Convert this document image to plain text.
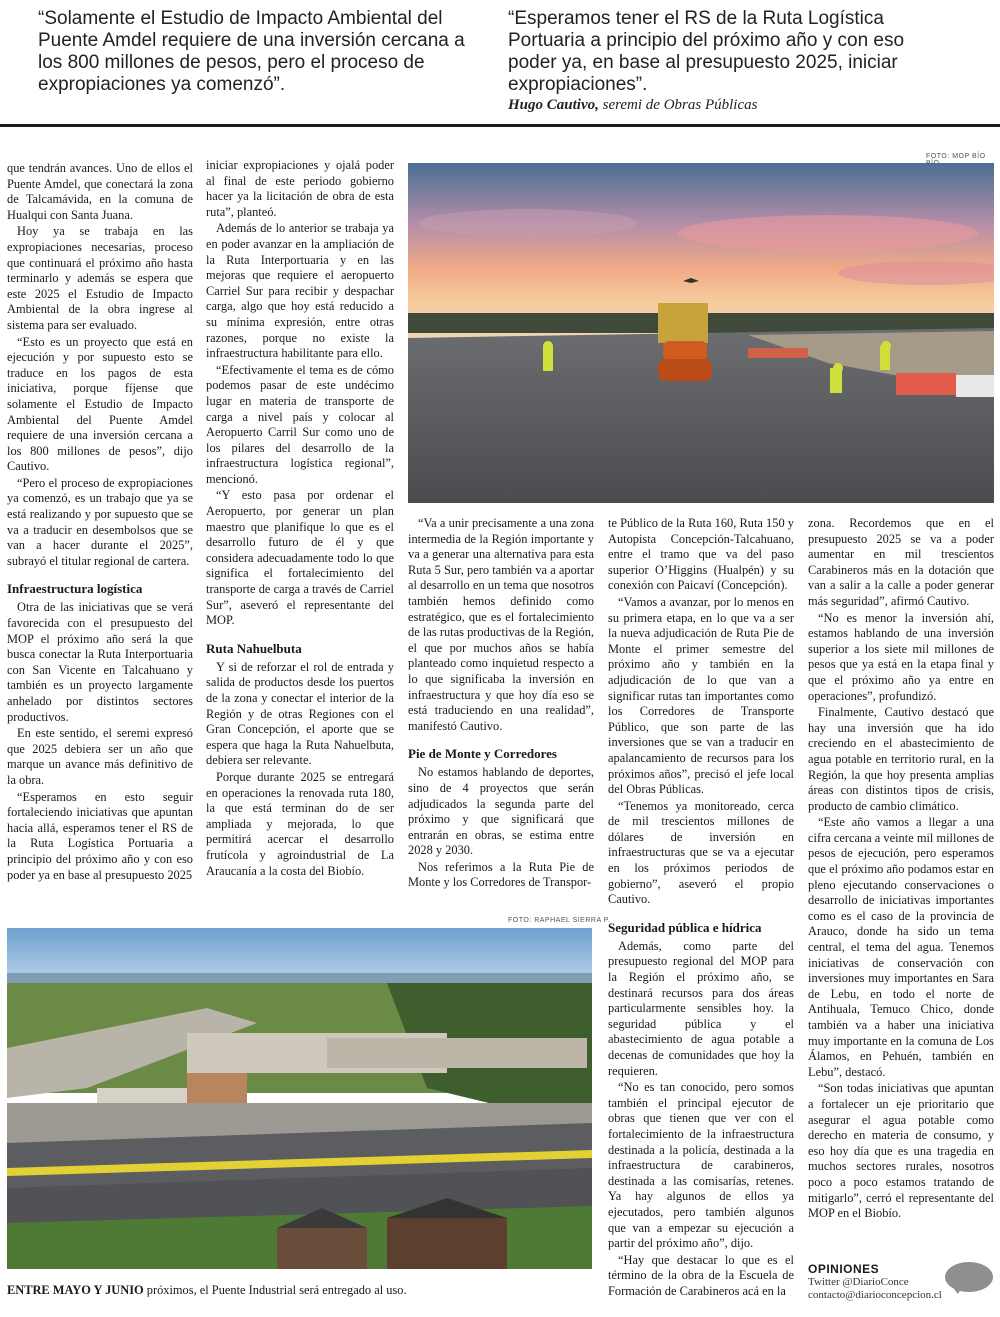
“Solamente el Estudio de Impacto Ambiental del Puente Amdel requiere de una inversión cercana a los 800 millones de pesos, pero el proceso de expropiaciones ya comenzó”.
“Esperamos tener el RS de la Ruta Logística Portuaria a principio del próximo año y con eso poder ya, en base al presupuesto 2025, iniciar expropiaciones”.
Hugo Cautivo, seremi de Obras Públicas
FOTO: MOP BÍO
FOTO: RAPHAEL SIERRA P.

que tendrán avances. Uno de ellos el Puente Amdel, que conectará la zona de Talcamávida, en la comuna de Hualqui con Santa Juana.

Hoy ya se trabaja en las expropiaciones necesarias, proceso que continuará el próximo año hasta terminarlo y además se espera que este 2025 el Estudio de Impacto Ambiental de la obra ingrese al sistema para ser evaluado.

“Esto es un proyecto que está en ejecución y por supuesto esto se traduce en los pagos de esta iniciativa, porque fíjense que solamente el Estudio de Impacto Ambiental del Puente Amdel requiere de una inversión cercana a los 800 millones de pesos”, dijo Cautivo.

“Pero el proceso de expropiaciones ya comenzó, es un trabajo que ya se está realizando y por supuesto que se va a traducir en desembolsos que se van a hacer durante el 2025”, subrayó el titular regional de cartera.

Infraestructura logística

Otra de las iniciativas que se verá favorecida con el presupuesto del MOP el próximo año será la que busca conectar la Ruta Interportuaria con San Vicente en Talcahuano y también es un proyecto largamente anhelado por distintos sectores productivos.

En este sentido, el seremi expresó que 2025 debiera ser un año que marque un avance más definitivo de la obra.

“Esperamos en esto seguir fortaleciendo iniciativas que apuntan hacia allá, esperamos tener el RS de la Ruta Logística Portuaria a principio del próximo año y con eso poder ya en base al presupuesto 2025

iniciar expropiaciones y ojalá poder al final de este periodo gobierno hacer ya la licitación de obra de esta ruta”, planteó.

Además de lo anterior se trabaja ya en poder avanzar en la ampliación de la Ruta Interportuaria y en las mejoras que requiere el aeropuerto Carriel Sur para recibir y despachar carga, algo que hoy está reducido a su mínima expresión, entre otras razones, porque no existe la infraestructura habilitante para ello.

“Efectivamente el tema es de cómo podemos pasar de este undécimo lugar en materia de transporte de carga a nivel país y colocar al Aeropuerto Carril Sur como uno de los pilares del desarrollo de la infraestructura logística regional”, mencionó.

“Y esto pasa por ordenar el Aeropuerto, por generar un plan maestro que planifique lo que es el desarrollo futuro de él y que considera adecuadamente todo lo que significa el fortalecimiento del transporte de carga a través de Carriel Sur”, aseveró el representante del MOP.

Ruta Nahuelbuta

Y si de reforzar el rol de entrada y salida de productos desde los puertos de la zona y conectar el interior de la Región y de otras Regiones con el Gran Concepción, el aporte que se espera que haga la Ruta Nahuelbuta, debiera ser relevante.

Porque durante 2025 se entregará en operaciones la renovada ruta 180, la que está terminan do de ser ampliada y mejorada, lo que permitirá acercar el desarrollo frutícola y agroindustrial de La Araucanía a la costa del Biobío.

“Va a unir precisamente a una zona intermedia de la Región importante y va a generar una alternativa para esta Ruta 5 Sur, pero también va a aportar al desarrollo en un tema que nosotros también hemos definido como estratégico, que es el fortalecimiento de las rutas productivas de la Región, el que por muchos años se había planteado como inquietud respecto a lo que significaba la inversión en infraestructura y que hoy día eso se está traduciendo en una realidad”, manifestó Cautivo.

Pie de Monte y Corredores

No estamos hablando de deportes, sino de 4 proyectos que serán adjudicados la segunda parte del próximo y que significará que entrarán en obras, se estima entre 2028 y 2030.

Nos referimos a la Ruta Pie de Monte y los Corredores de Transpor-

te Público de la Ruta 160, Ruta 150 y Autopista Concepción-Talcahuano, entre el tramo que va del paso superior O’Higgins (Hualpén) y su conexión con Paicaví (Concepción).

“Vamos a avanzar, por lo menos en su primera etapa, en lo que va a ser la nueva adjudicación de Ruta Pie de Monte el primer semestre del próximo año y también en la adjudicación de lo que van a significar rutas tan importantes como los Corredores de Transporte Público, que son parte de las inversiones que se van a traducir en apalancamiento de recursos para los próximos años”, precisó el jefe local del Obras Públicas.

“Tenemos ya monitoreado, cerca de mil trescientos millones de dólares de inversión en infraestructuras que se va a ejecutar en los próximos periodos de gobierno”, aseveró el propio Cautivo.

Seguridad pública e hídrica

Además, como parte del presupuesto regional del MOP para la Región el próximo año, se destinará recursos para dos áreas particularmente sensibles hoy. la seguridad pública y el abastecimiento de agua potable a decenas de comunidades que hoy la requieren.

“No es tan conocido, pero somos también el principal ejecutor de obras que tienen que ver con el fortalecimiento de la infraestructura destinada a la policía, destinada a la infraestructura de carabineros, destinada a las comisarías, retenes. Ya hay algunos de ellos ya ejecutados, pero también algunos que van a empezar su ejecución a partir del próximo año”, dijo.

“Hay que destacar lo que es el término de la obra de la Escuela de Formación de Carabineros acá en la

zona. Recordemos que en el presupuesto 2025 se va a poder aumentar en mil trescientos Carabineros más en la dotación que van a salir a la calle a poder generar más seguridad”, afirmó Cautivo.

“No es menor la inversión ahí, estamos hablando de una inversión superior a los siete mil millones de pesos que ya está en la etapa final y que el próximo año ya entre en operaciones”, profundizó.

Finalmente, Cautivo destacó que hay una inversión que ha ido creciendo en el abastecimiento de agua potable en territorio rural, en la Región, la que hoy presenta amplias áreas con distintos tipos de crisis, producto de cambio climático.

“Este año vamos a llegar a una cifra cercana a veinte mil millones de pesos de ejecución, pero esperamos que el próximo año podamos estar en pleno ejecutando conservaciones o desarrollo de iniciativas importantes como es el caso de la provincia de Arauco, donde ha sido un tema central, el tema del agua. Tenemos iniciativas de conservación con inversiones muy importantes en Sara de Lebu, en todo el norte de Antihuala, Temuco Chico, donde también va a haber una iniciativa muy importante en la comuna de Los Álamos, en Pehuén, también en Lebu”, destacó.

“Son todas iniciativas que apuntan a fortalecer un eje prioritario que asegurar el agua potable como derecho en materia de consumo, y eso hoy día que es una tragedia en muchos sectores rurales, nosotros poco a poco estamos tratando de mitigarlo”, cerró el representante del MOP en el Biobío.

ENTRE MAYO Y JUNIO próximos, el Puente Industrial será entregado al uso.
OPINIONES
Twitter @DiarioConce
contacto@diarioconcepcion.cl
